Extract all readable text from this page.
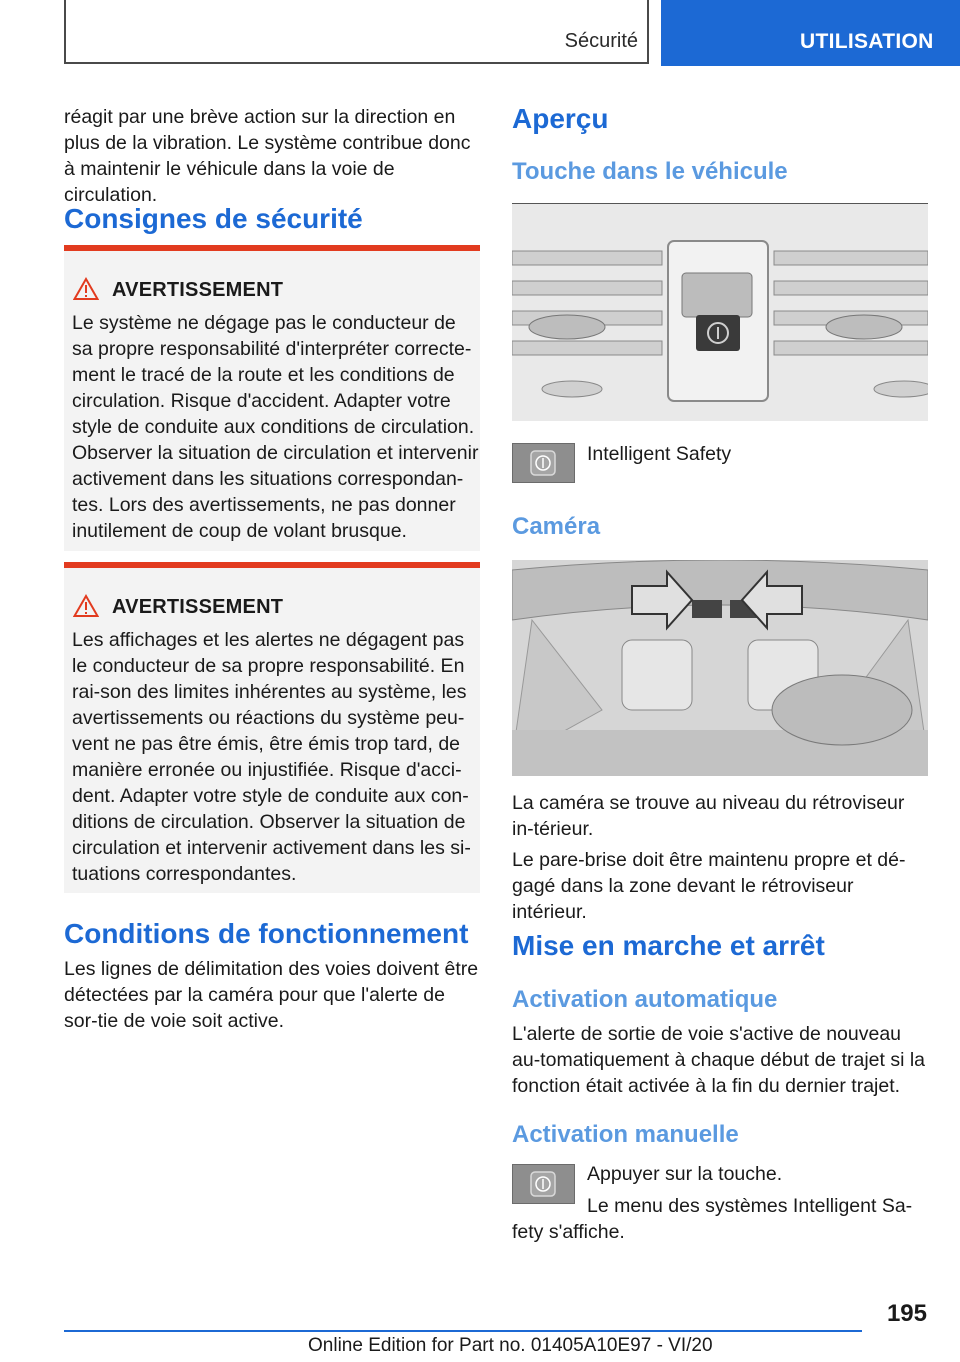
Sécurité	UTILISATION
réagit par une brève action sur la direction en plus de la vibration. Le système contribue donc à maintenir le véhicule dans la voie de circulation.
Consignes de sécurité
AVERTISSEMENT
Le système ne dégage pas le conducteur de sa propre responsabilité d'interpréter correcte-ment le tracé de la route et les conditions de circulation. Risque d'accident. Adapter votre style de conduite aux conditions de circulation. Observer la situation de circulation et intervenir activement dans les situations correspondan-tes. Lors des avertissements, ne pas donner inutilement de coup de volant brusque.
AVERTISSEMENT
Les affichages et les alertes ne dégagent pas le conducteur de sa propre responsabilité. En rai-son des limites inhérentes au système, les avertissements ou réactions du système peu-vent ne pas être émis, être émis trop tard, de manière erronée ou injustifiée. Risque d'acci-dent. Adapter votre style de conduite aux con-ditions de circulation. Observer la situation de circulation et intervenir activement dans les si-tuations correspondantes.
Conditions de fonctionnement
Les lignes de délimitation des voies doivent être détectées par la caméra pour que l'alerte de sor-tie de voie soit active.
Aperçu
Touche dans le véhicule
Intelligent Safety
Caméra
La caméra se trouve au niveau du rétroviseur in-térieur.
Le pare-brise doit être maintenu propre et dé-gagé dans la zone devant le rétroviseur intérieur.
Mise en marche et arrêt
Activation automatique
L'alerte de sortie de voie s'active de nouveau au-tomatiquement à chaque début de trajet si la fonction était activée à la fin du dernier trajet.
Activation manuelle
Appuyer sur la touche.
Le menu des systèmes Intelligent Sa-
fety s'affiche.
195
Online Edition for Part no. 01405A10E97 - VI/20
